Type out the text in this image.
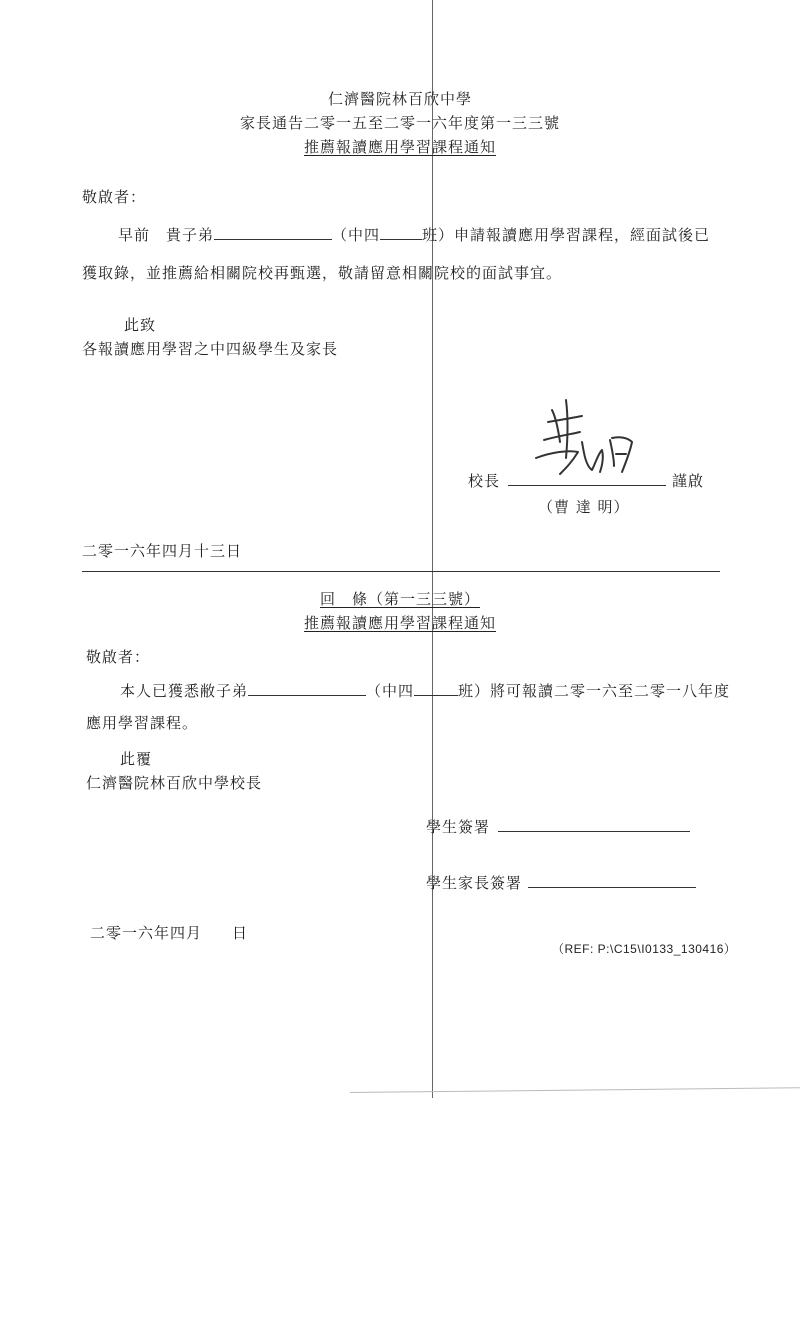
仁濟醫院林百欣中學
家長通告二零一五至二零一六年度第一三三號
推薦報讀應用學習課程通知
敬啟者：
早前　貴子弟	（中四	班）申請報讀應用學習課程，經面試後已
獲取錄，並推薦給相關院校再甄選，敬請留意相關院校的面試事宜。
此致
各報讀應用學習之中四級學生及家長
校長	謹啟
（曹 達 明）
二零一六年四月十三日
回　條（第一三三號）
推薦報讀應用學習課程通知
敬啟者：
本人已獲悉敝子弟	（中四	班）將可報讀二零一六至二零一八年度
應用學習課程。
此覆
仁濟醫院林百欣中學校長
學生簽署
學生家長簽署
二零一六年四月 日
（REF: P:\C15\I0133_130416）
